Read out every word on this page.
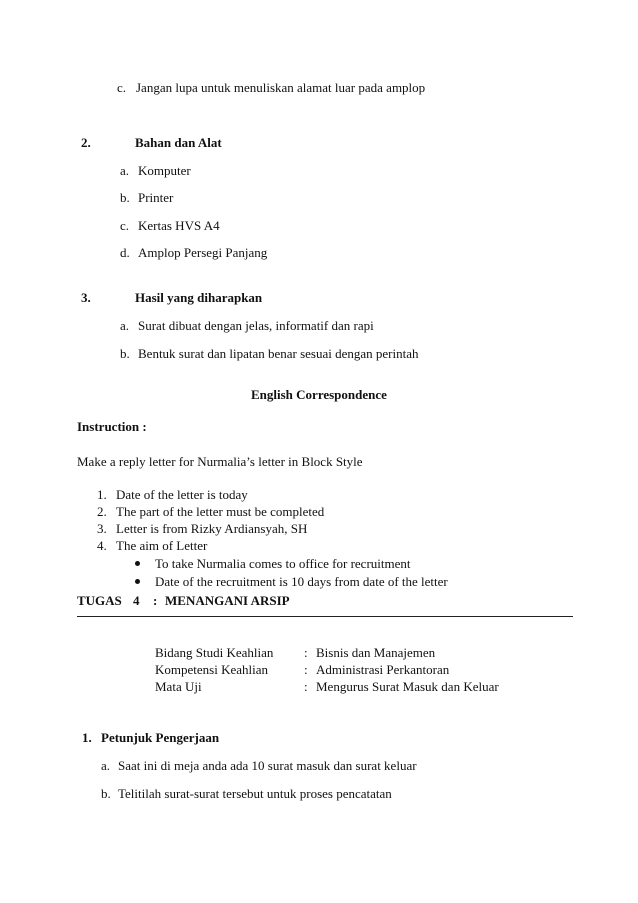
c. Jangan lupa untuk menuliskan alamat luar pada amplop
2.	Bahan dan Alat
a. Komputer
b. Printer
c. Kertas HVS A4
d. Amplop Persegi Panjang
3.	Hasil yang diharapkan
a. Surat dibuat dengan jelas, informatif dan rapi
b. Bentuk surat dan lipatan benar sesuai dengan perintah
English Correspondence
Instruction :
Make a reply letter for Nurmalia’s letter in Block Style
1. Date of the letter is today
2. The part of the letter must be completed
3. Letter is from Rizky Ardiansyah, SH
4. The aim of Letter
To take Nurmalia comes to office for recruitment
Date of the recruitment is 10 days from date of the letter
TUGAS 4 : MENANGANI ARSIP
Bidang Studi Keahlian : Bisnis dan Manajemen
Kompetensi Keahlian	: Administrasi Perkantoran
Mata Uji	: Mengurus Surat Masuk dan Keluar
1. Petunjuk Pengerjaan
a. Saat ini di meja anda ada 10 surat masuk dan surat keluar
b. Telitilah surat-surat tersebut untuk proses pencatatan
